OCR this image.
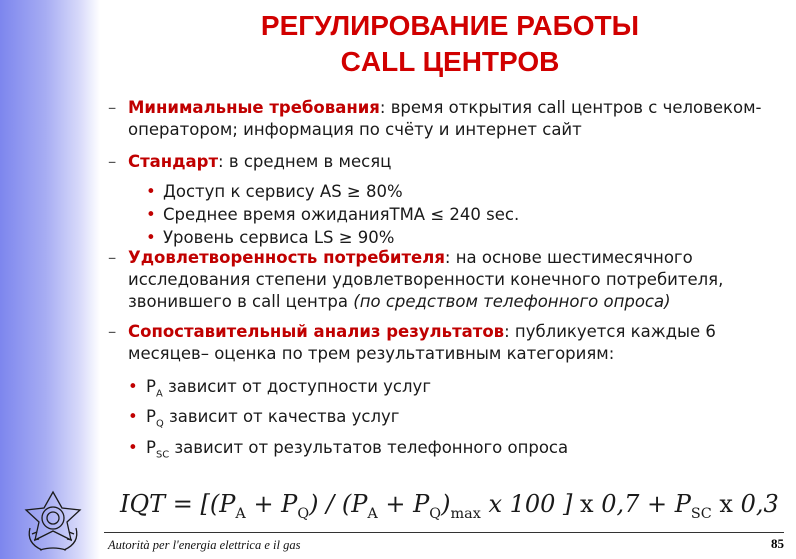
РЕГУЛИРОВАНИЕ РАБОТЫ
CALL ЦЕНТРОВ
– Минимальные требования: время открытия call центров с человеком-оператором; информация по счёту и интернет сайт
– Стандарт: в среднем в месяц
• Доступ к сервису AS ≥ 80%
• Среднее время ожиданияTMA ≤ 240 sec.
• Уровень сервиса LS ≥ 90%
– Удовлетворенность потребителя: на основе шестимесячного исследования степени удовлетворенности конечного потребителя, звонившего в call центра (по средством телефонного опроса)
– Сопоставительный анализ результатов: публикуется каждые 6 месяцев– оценка по трем результативным категориям:
• $P_A$ зависит от доступности услуг
• $P_Q$ зависит от качества услуг
• $P_{SC}$ зависит от результатов телефонного опроса
IQT = [$(P_A + P_Q) / (P_A + P_Q)_{max}$ x 100 ] x $0,7 + P_{SC}$ x 0,3
Autorità per l'energia elettrica e il gas	85
